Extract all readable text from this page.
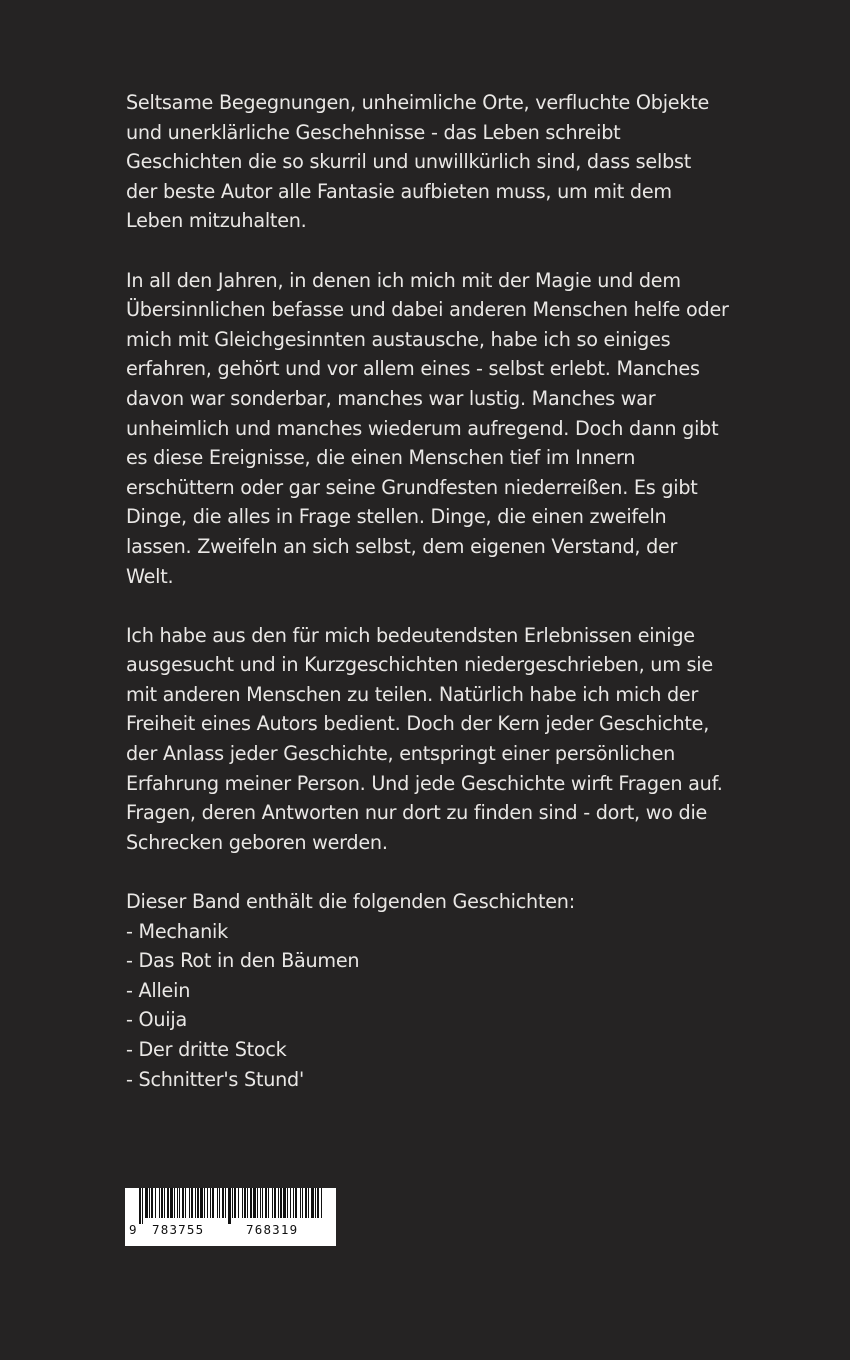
Seltsame Begegnungen, unheimliche Orte, verfluchte Objekte
und unerklärliche Geschehnisse - das Leben schreibt
Geschichten die so skurril und unwillkürlich sind, dass selbst
der beste Autor alle Fantasie aufbieten muss, um mit dem
Leben mitzuhalten.

In all den Jahren, in denen ich mich mit der Magie und dem
Übersinnlichen befasse und dabei anderen Menschen helfe oder
mich mit Gleichgesinnten austausche, habe ich so einiges
erfahren, gehört und vor allem eines - selbst erlebt. Manches
davon war sonderbar, manches war lustig. Manches war
unheimlich und manches wiederum aufregend. Doch dann gibt
es diese Ereignisse, die einen Menschen tief im Innern
erschüttern oder gar seine Grundfesten niederreißen. Es gibt
Dinge, die alles in Frage stellen. Dinge, die einen zweifeln
lassen. Zweifeln an sich selbst, dem eigenen Verstand, der
Welt.

Ich habe aus den für mich bedeutendsten Erlebnissen einige
ausgesucht und in Kurzgeschichten niedergeschrieben, um sie
mit anderen Menschen zu teilen. Natürlich habe ich mich der
Freiheit eines Autors bedient. Doch der Kern jeder Geschichte,
der Anlass jeder Geschichte, entspringt einer persönlichen
Erfahrung meiner Person. Und jede Geschichte wirft Fragen auf.
Fragen, deren Antworten nur dort zu finden sind - dort, wo die
Schrecken geboren werden.

Dieser Band enthält die folgenden Geschichten:
- Mechanik
- Das Rot in den Bäumen
- Allein
- Ouija
- Der dritte Stock
- Schnitter's Stund'
9 783755	768319
